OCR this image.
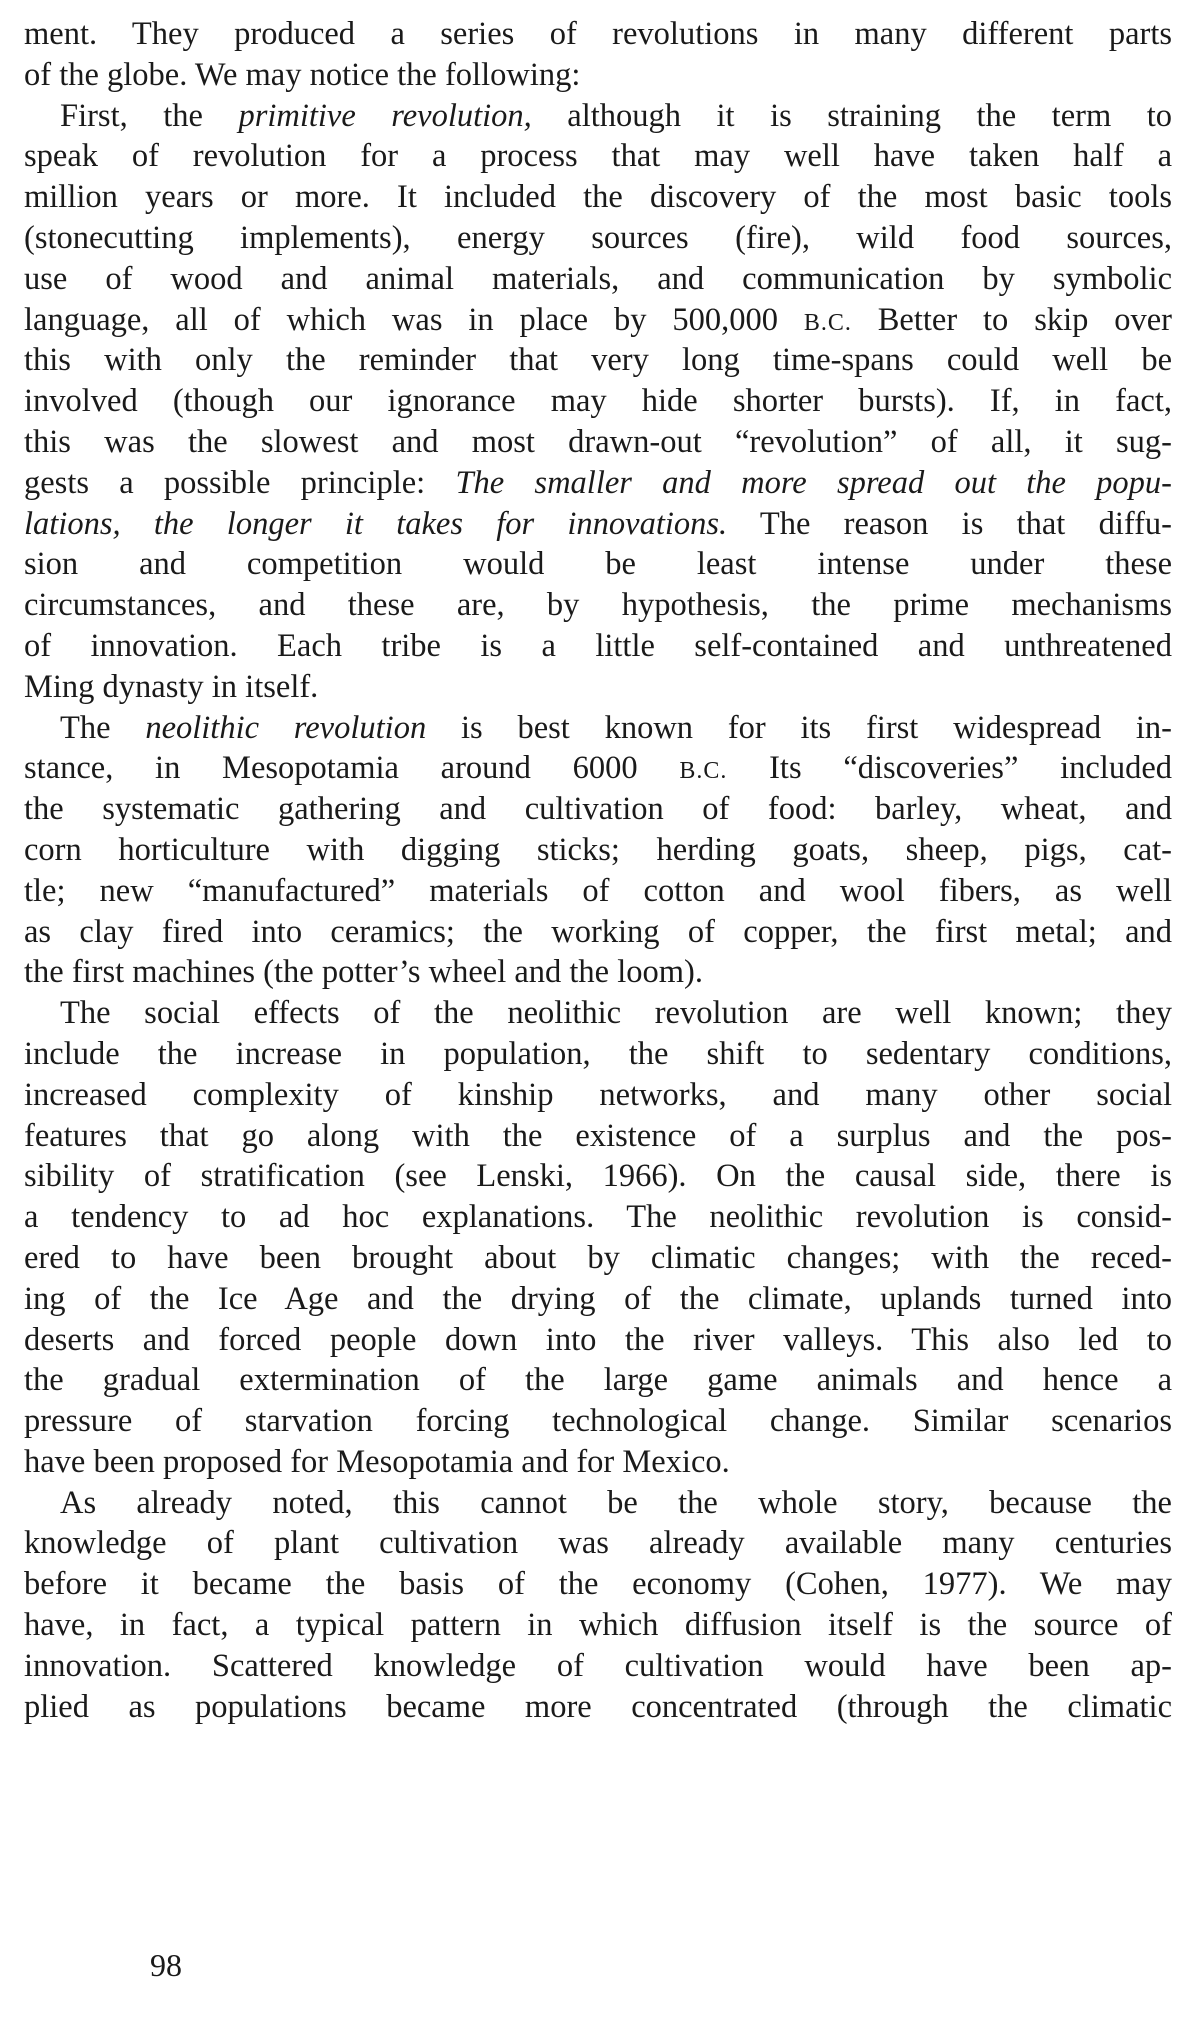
ment. They produced a series of revolutions in many different parts
of the globe. We may notice the following:
First, the primitive revolution, although it is straining the term to
speak of revolution for a process that may well have taken half a
million years or more. It included the discovery of the most basic tools
(stonecutting implements), energy sources (fire), wild food sources,
use of wood and animal materials, and communication by symbolic
language, all of which was in place by 500,000 B.C. Better to skip over
this with only the reminder that very long time-spans could well be
involved (though our ignorance may hide shorter bursts). If, in fact,
this was the slowest and most drawn-out “revolution” of all, it sug-
gests a possible principle: The smaller and more spread out the popu-
lations, the longer it takes for innovations. The reason is that diffu-
sion and competition would be least intense under these
circumstances, and these are, by hypothesis, the prime mechanisms
of innovation. Each tribe is a little self-contained and unthreatened
Ming dynasty in itself.
The neolithic revolution is best known for its first widespread in-
stance, in Mesopotamia around 6000 B.C. Its “discoveries” included
the systematic gathering and cultivation of food: barley, wheat, and
corn horticulture with digging sticks; herding goats, sheep, pigs, cat-
tle; new “manufactured” materials of cotton and wool fibers, as well
as clay fired into ceramics; the working of copper, the first metal; and
the first machines (the potter’s wheel and the loom).
The social effects of the neolithic revolution are well known; they
include the increase in population, the shift to sedentary conditions,
increased complexity of kinship networks, and many other social
features that go along with the existence of a surplus and the pos-
sibility of stratification (see Lenski, 1966). On the causal side, there is
a tendency to ad hoc explanations. The neolithic revolution is consid-
ered to have been brought about by climatic changes; with the reced-
ing of the Ice Age and the drying of the climate, uplands turned into
deserts and forced people down into the river valleys. This also led to
the gradual extermination of the large game animals and hence a
pressure of starvation forcing technological change. Similar scenarios
have been proposed for Mesopotamia and for Mexico.
As already noted, this cannot be the whole story, because the
knowledge of plant cultivation was already available many centuries
before it became the basis of the economy (Cohen, 1977). We may
have, in fact, a typical pattern in which diffusion itself is the source of
innovation. Scattered knowledge of cultivation would have been ap-
plied as populations became more concentrated (through the climatic
98
